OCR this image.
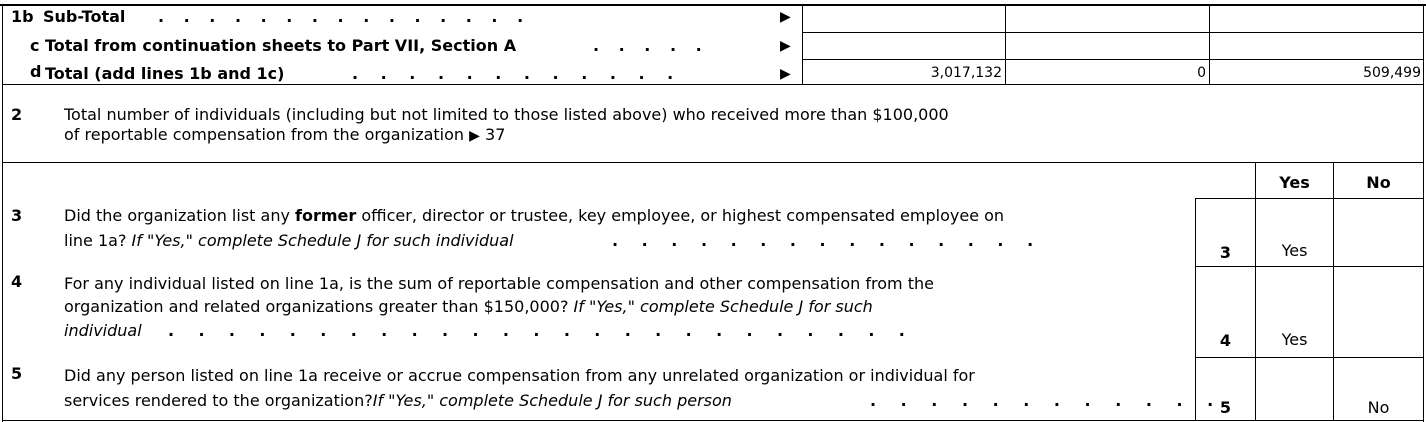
1b Sub-Total . . . . . . . . . . . . . . .	▶
c Total from continuation sheets to Part VII, Section A	. . . . .	▶
d Total (add lines 1b and 1c)	. . . . . . . . . . . .	▶	3,017,132	0	509,499
2	Total number of individuals (including but not limited to those listed above) who received more than $100,000
of reportable compensation from the organization ▶ 37
Yes	No
3	Did the organization list any former officer, director or trustee, key employee, or highest compensated employee on
line 1a? If "Yes," complete Schedule J for such individual	. . . . . . . . . . . . . . .
3	Yes
4	For any individual listed on line 1a, is the sum of reportable compensation and other compensation from the
organization and related organizations greater than $150,000? If "Yes," complete Schedule J for such
individual . . . . . . . . . . . . . . . . . . . . . . . . .
4	Yes
5	Did any person listed on line 1a receive or accrue compensation from any unrelated organization or individual for
services rendered to the organization?If "Yes," complete Schedule J for such person	. . . . . . . . . . . . 5	No
